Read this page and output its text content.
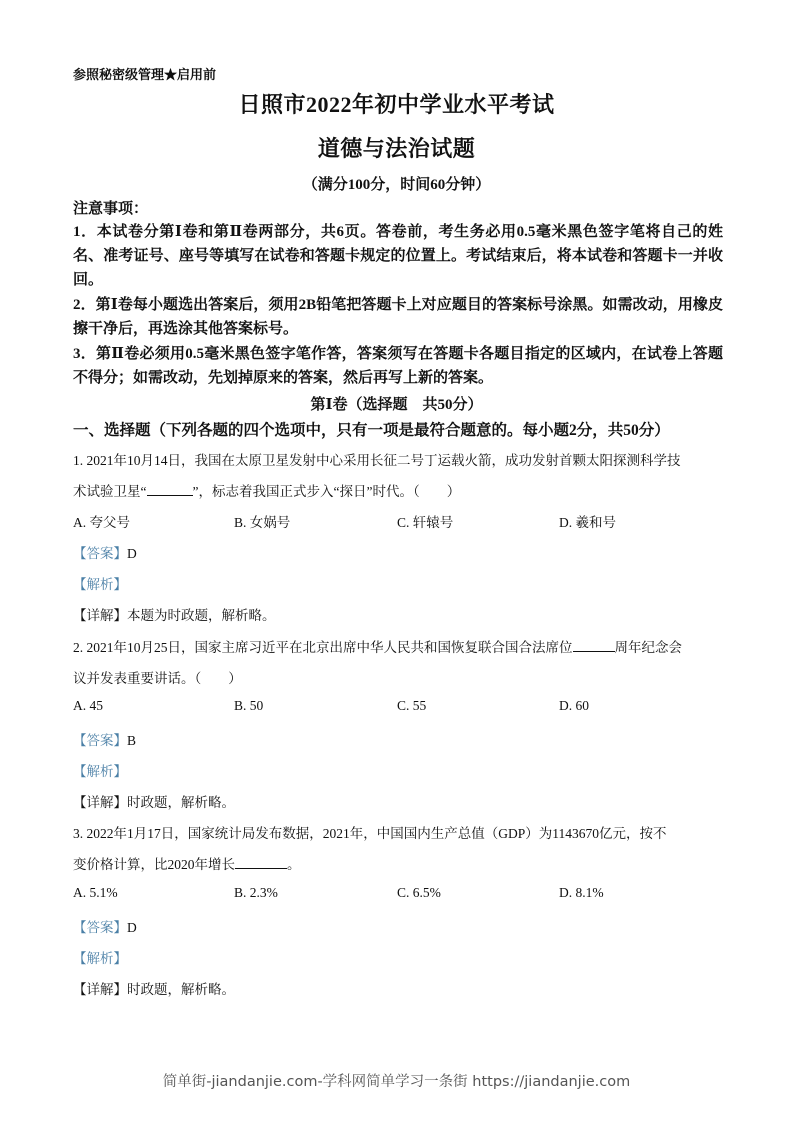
参照秘密级管理★启用前
日照市2022年初中学业水平考试
道德与法治试题
（满分100分，时间60分钟）
注意事项：
1．本试卷分第Ⅰ卷和第Ⅱ卷两部分，共6页。答卷前，考生务必用0.5毫米黑色签字笔将自己的姓名、准考证号、座号等填写在试卷和答题卡规定的位置上。考试结束后，将本试卷和答题卡一并收回。
2．第Ⅰ卷每小题选出答案后，须用2B铅笔把答题卡上对应题目的答案标号涂黑。如需改动，用橡皮擦干净后，再选涂其他答案标号。
3．第Ⅱ卷必须用0.5毫米黑色签字笔作答，答案须写在答题卡各题目指定的区域内，在试卷上答题不得分；如需改动，先划掉原来的答案，然后再写上新的答案。
第Ⅰ卷（选择题　共50分）
一、选择题（下列各题的四个选项中，只有一项是最符合题意的。每小题2分，共50分）
1. 2021年10月14日，我国在太原卫星发射中心采用长征二号丁运载火箭，成功发射首颗太阳探测科学技
术试验卫星“	”，标志着我国正式步入“探日”时代。（　　）
A. 夸父号	B. 女娲号	C. 轩辕号	D. 羲和号
【答案】D
【解析】
【详解】本题为时政题，解析略。
2. 2021年10月25日，国家主席习近平在北京出席中华人民共和国恢复联合国合法席位	周年纪念会
议并发表重要讲话。（　　）
A. 45	B. 50	C. 55	D. 60
【答案】B
【解析】
【详解】时政题，解析略。
3. 2022年1月17日，国家统计局发布数据，2021年，中国国内生产总值（GDP）为1143670亿元，按不
变价格计算，比2020年增长	。
A. 5.1%	B. 2.3%	C. 6.5%	D. 8.1%
【答案】D
【解析】
【详解】时政题，解析略。
简单街-jiandanjie.com-学科网简单学习一条街 https://jiandanjie.com
